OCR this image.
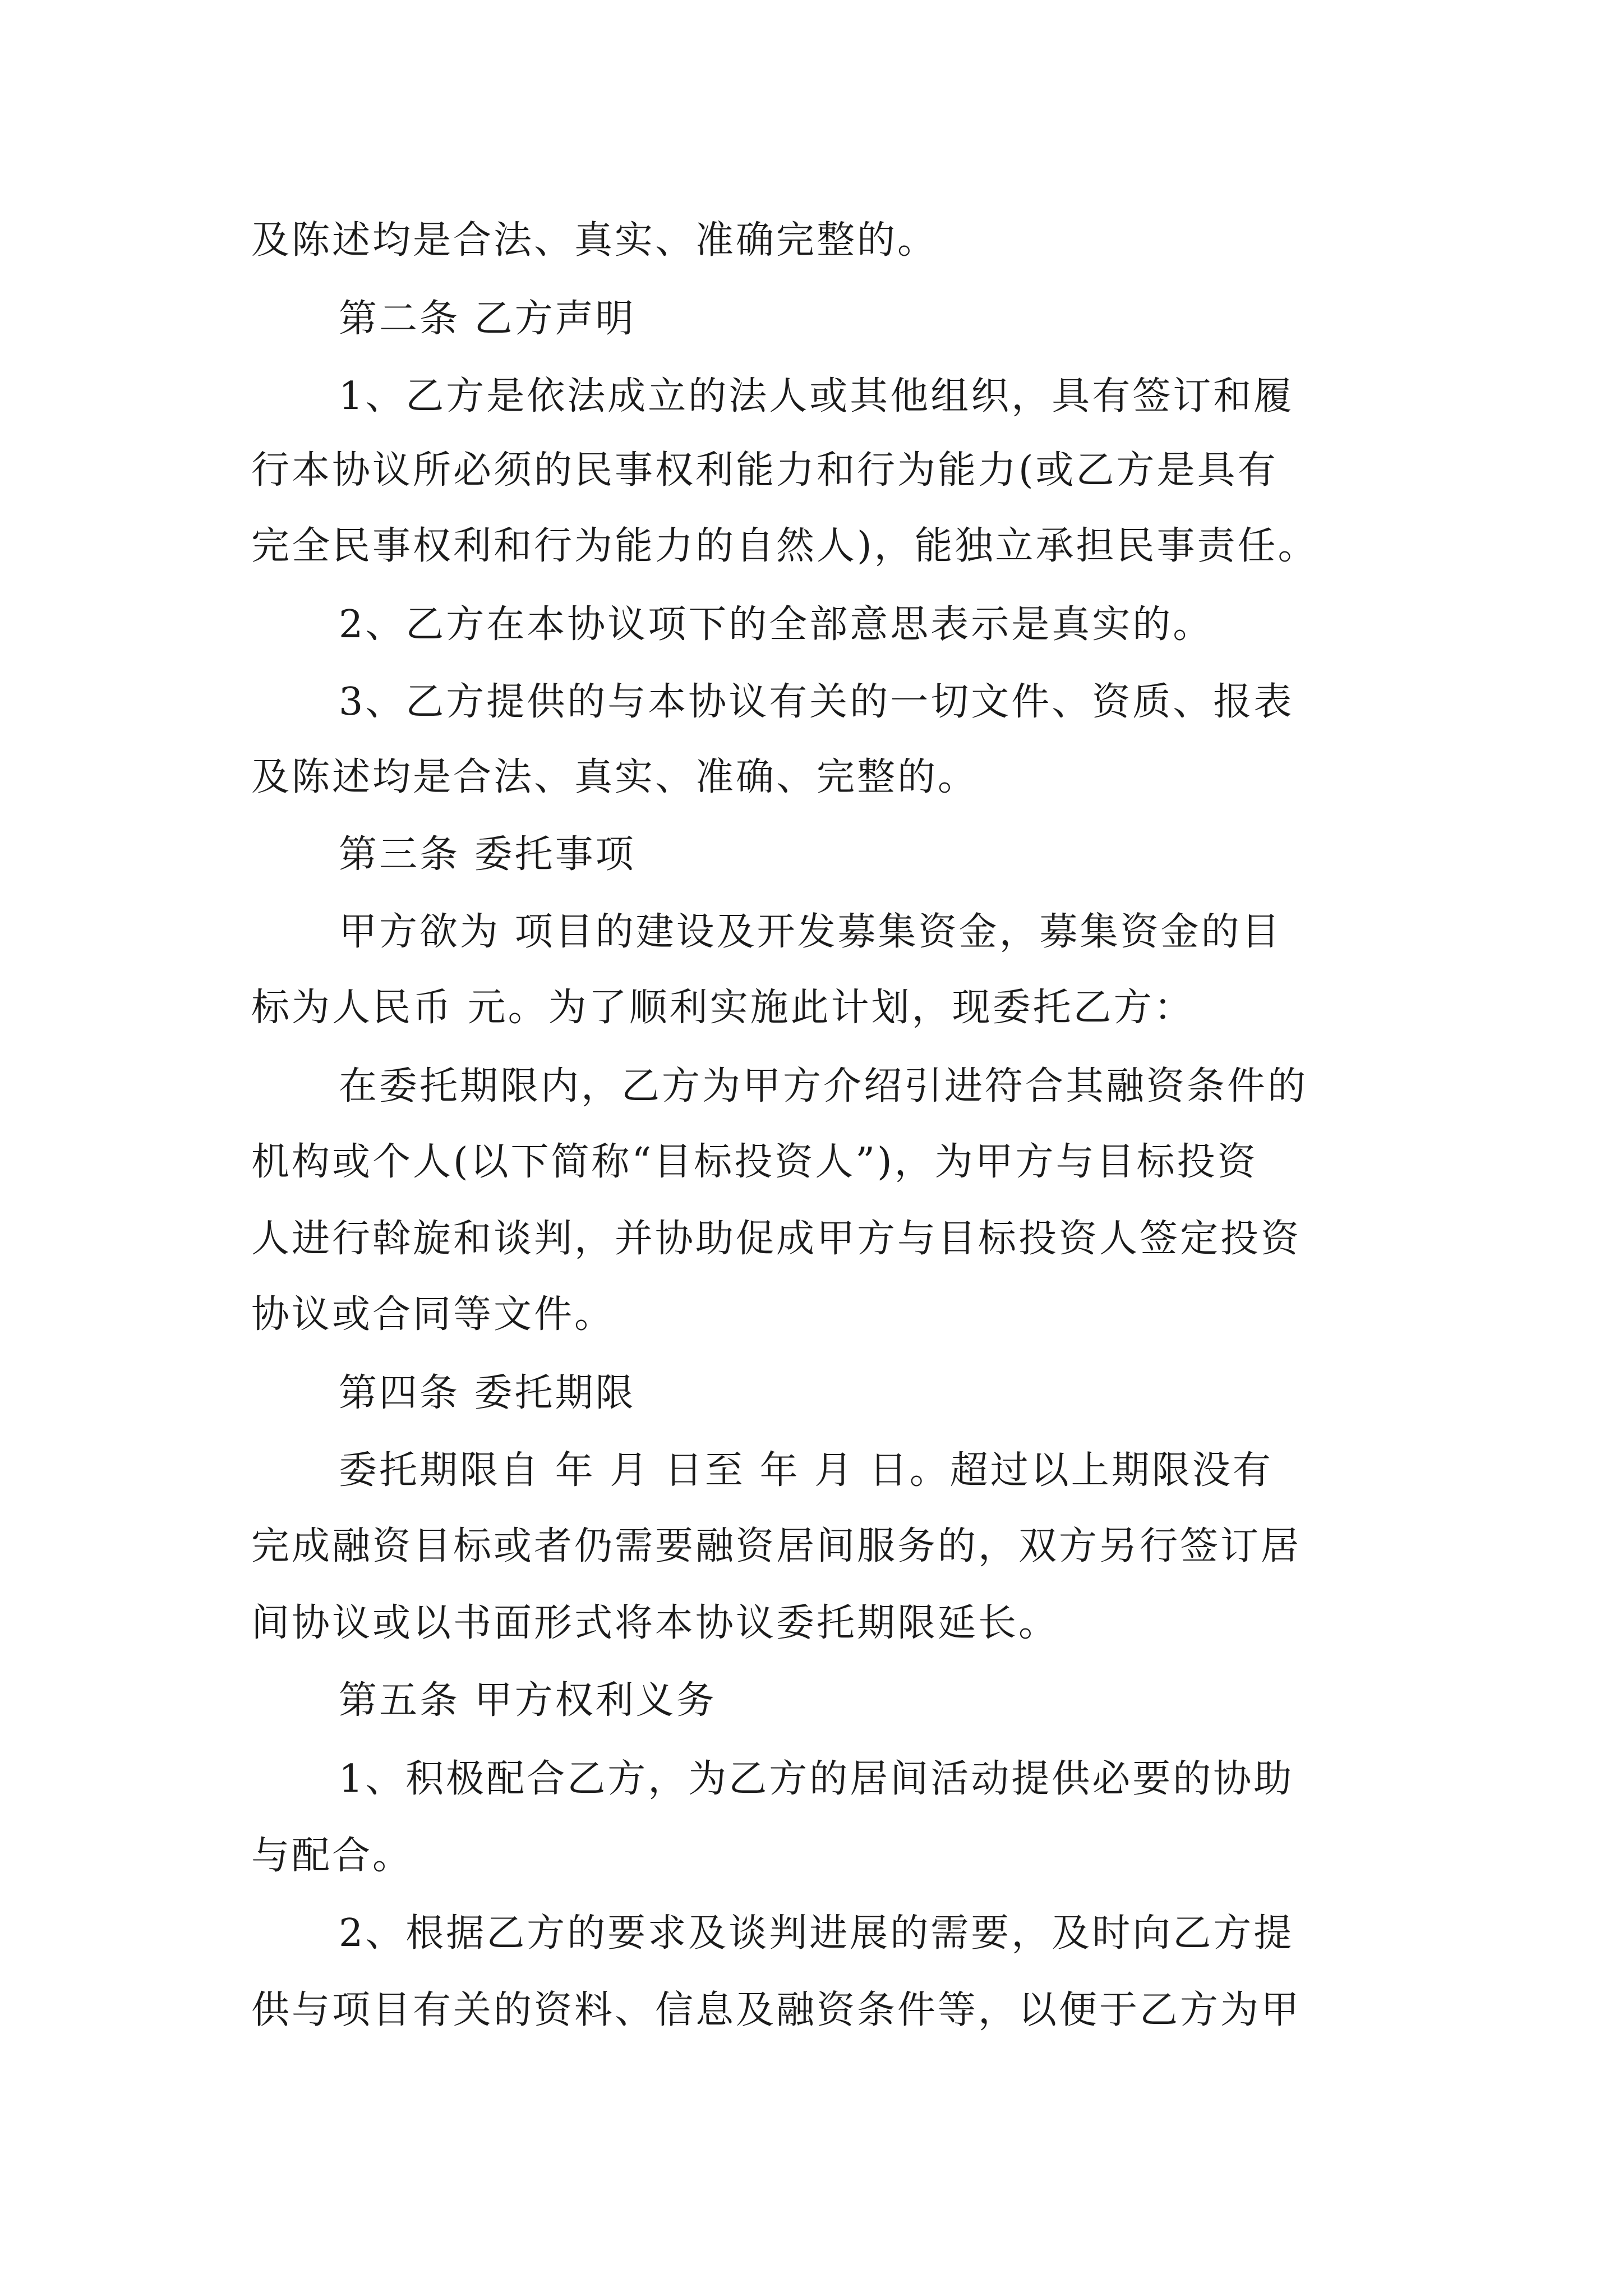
及陈述均是合法、真实、准确完整的。

第二条 乙方声明

1、乙方是依法成立的法人或其他组织，具有签订和履

行本协议所必须的民事权利能力和行为能力(或乙方是具有

完全民事权利和行为能力的自然人)，能独立承担民事责任。

2、乙方在本协议项下的全部意思表示是真实的。

3、乙方提供的与本协议有关的一切文件、资质、报表

及陈述均是合法、真实、准确、完整的。

第三条 委托事项

甲方欲为 项目的建设及开发募集资金，募集资金的目

标为人民币 元。为了顺利实施此计划，现委托乙方：

在委托期限内，乙方为甲方介绍引进符合其融资条件的

机构或个人(以下简称“目标投资人”)，为甲方与目标投资

人进行斡旋和谈判，并协助促成甲方与目标投资人签定投资

协议或合同等文件。

第四条 委托期限

委托期限自 年 月 日至 年 月 日。超过以上期限没有

完成融资目标或者仍需要融资居间服务的，双方另行签订居

间协议或以书面形式将本协议委托期限延长。

第五条 甲方权利义务

1、积极配合乙方，为乙方的居间活动提供必要的协助

与配合。

2、根据乙方的要求及谈判进展的需要，及时向乙方提

供与项目有关的资料、信息及融资条件等，以便于乙方为甲
